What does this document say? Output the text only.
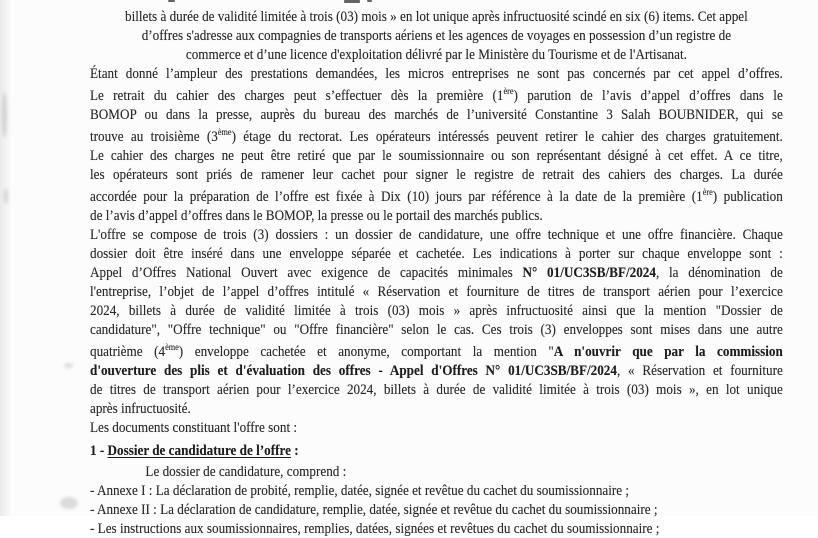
billets à durée de validité limitée à trois (03) mois » en lot unique après infructuosité scindé en six (6) items. Cet appel
d’offres s'adresse aux compagnies de transports aériens et les agences de voyages en possession d’un registre de
commerce et d’une licence d'exploitation délivré par le Ministère du Tourisme et de l'Artisanat.
Étant donné l’ampleur des prestations demandées, les micros entreprises ne sont pas concernés par cet appel d’offres.
Le retrait du cahier des charges peut s’effectuer dès la première (1ère) parution de l’avis d’appel d’offres dans le
BOMOP ou dans la presse, auprès du bureau des marchés de l’université Constantine 3 Salah BOUBNIDER, qui se
trouve au troisième (3ème) étage du rectorat. Les opérateurs intéressés peuvent retirer le cahier des charges gratuitement.
Le cahier des charges ne peut être retiré que par le soumissionnaire ou son représentant désigné à cet effet. A ce titre,
les opérateurs sont priés de ramener leur cachet pour signer le registre de retrait des cahiers des charges. La durée
accordée pour la préparation de l’offre est fixée à Dix (10) jours par référence à la date de la première (1ère) publication
de l’avis d’appel d’offres dans le BOMOP, la presse ou le portail des marchés publics.
L'offre se compose de trois (3) dossiers : un dossier de candidature, une offre technique et une offre financière. Chaque
dossier doit être inséré dans une enveloppe séparée et cachetée. Les indications à porter sur chaque enveloppe sont :
Appel d’Offres National Ouvert avec exigence de capacités minimales N° 01/UC3SB/BF/2024, la dénomination de
l'entreprise, l’objet de l’appel d’offres intitulé « Réservation et fourniture de titres de transport aérien pour l’exercice
2024, billets à durée de validité limitée à trois (03) mois » après infructuosité ainsi que la mention "Dossier de
candidature", "Offre technique" ou "Offre financière" selon le cas. Ces trois (3) enveloppes sont mises dans une autre
quatrième (4ème) enveloppe cachetée et anonyme, comportant la mention "A n'ouvrir que par la commission
d'ouverture des plis et d'évaluation des offres - Appel d'Offres N° 01/UC3SB/BF/2024, « Réservation et fourniture
de titres de transport aérien pour l’exercice 2024, billets à durée de validité limitée à trois (03) mois », en lot unique
après infructuosité.
Les documents constituant l'offre sont :
1 - Dossier de candidature de l’offre :
Le dossier de candidature, comprend :
- Annexe I : La déclaration de probité, remplie, datée, signée et revêtue du cachet du soumissionnaire ;
- Annexe II : La déclaration de candidature, remplie, datée, signée et revêtue du cachet du soumissionnaire ;
- Les instructions aux soumissionnaires, remplies, datées, signées et revêtues du cachet du soumissionnaire ;
